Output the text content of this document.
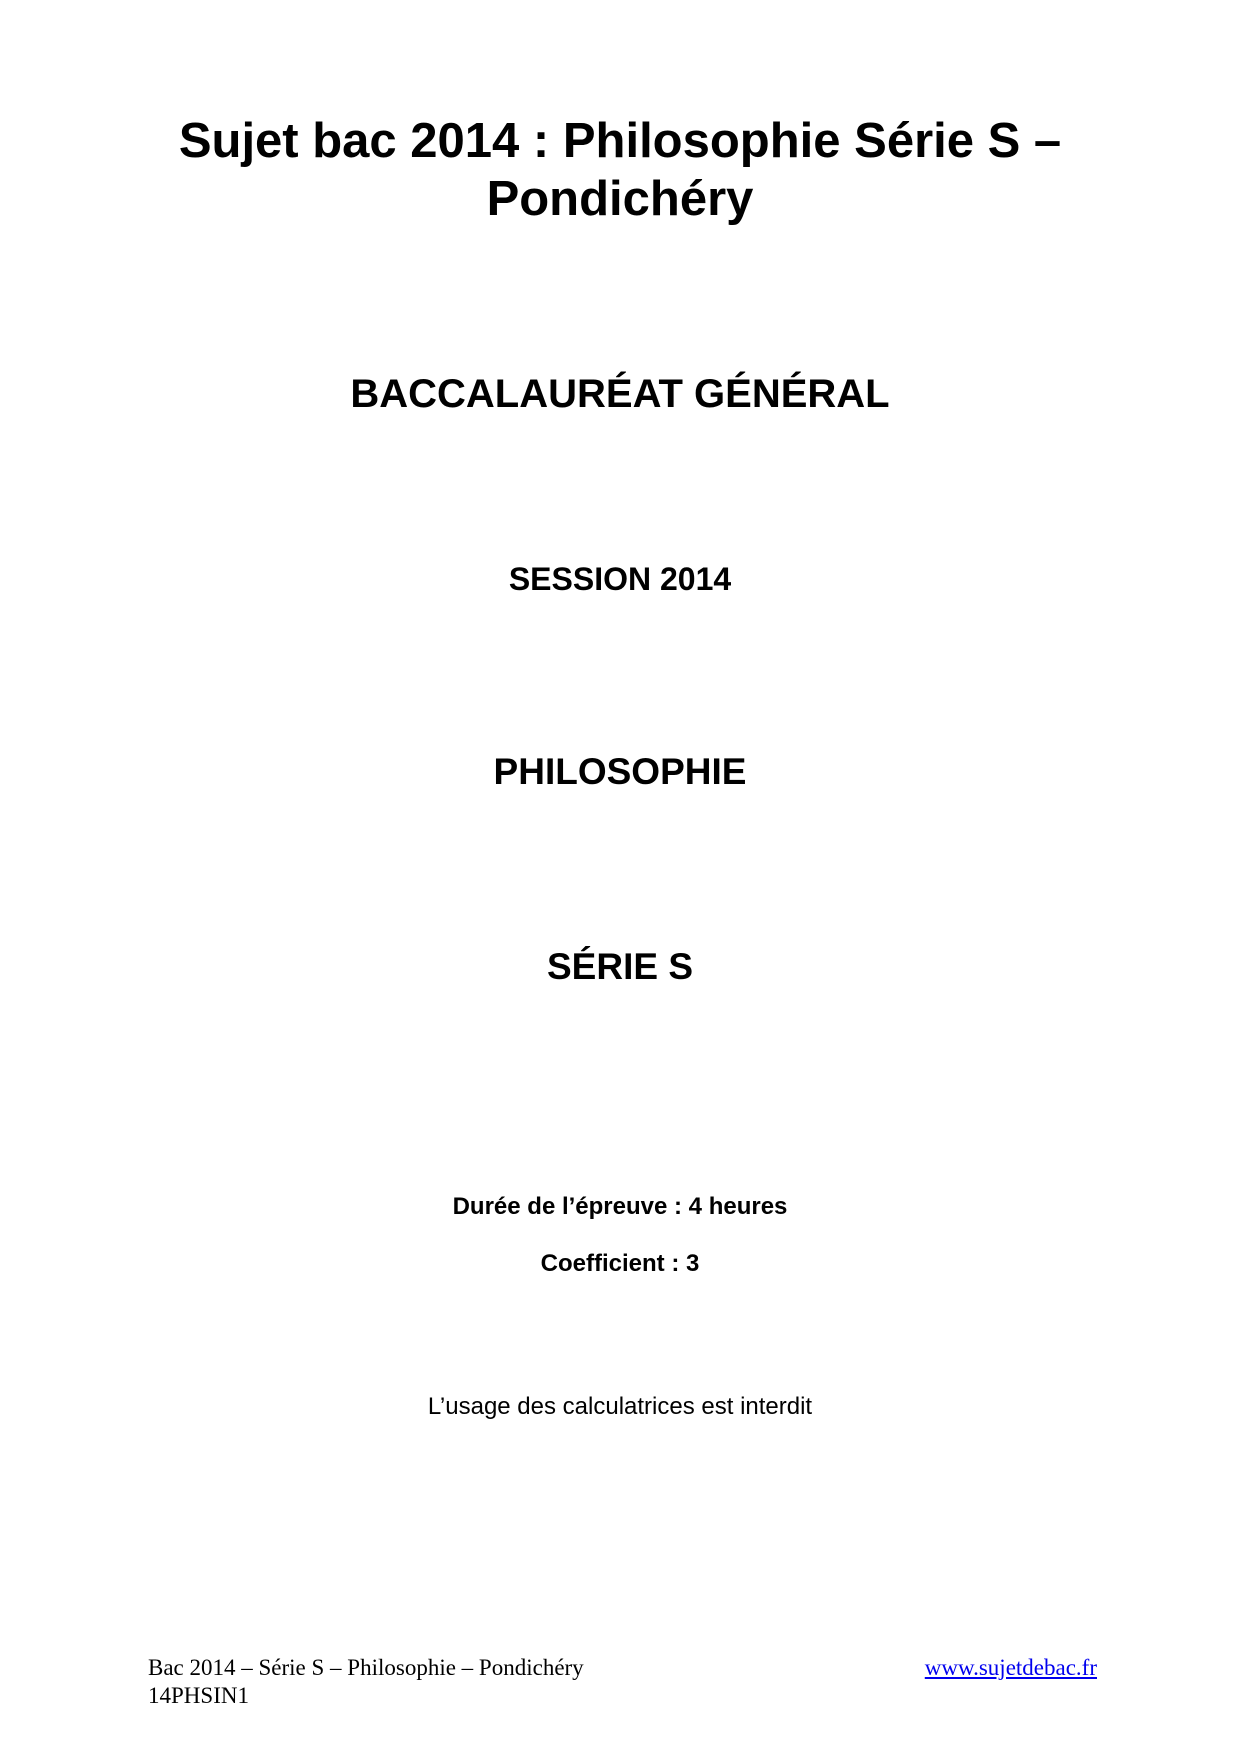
Sujet bac 2014 : Philosophie Série S –
Pondichéry
BACCALAURÉAT GÉNÉRAL
SESSION 2014
PHILOSOPHIE
SÉRIE S
Durée de l’épreuve : 4 heures
Coefficient : 3
L’usage des calculatrices est interdit
Bac 2014 – Série S – Philosophie – Pondichéry
14PHSIN1
www.sujetdebac.fr
